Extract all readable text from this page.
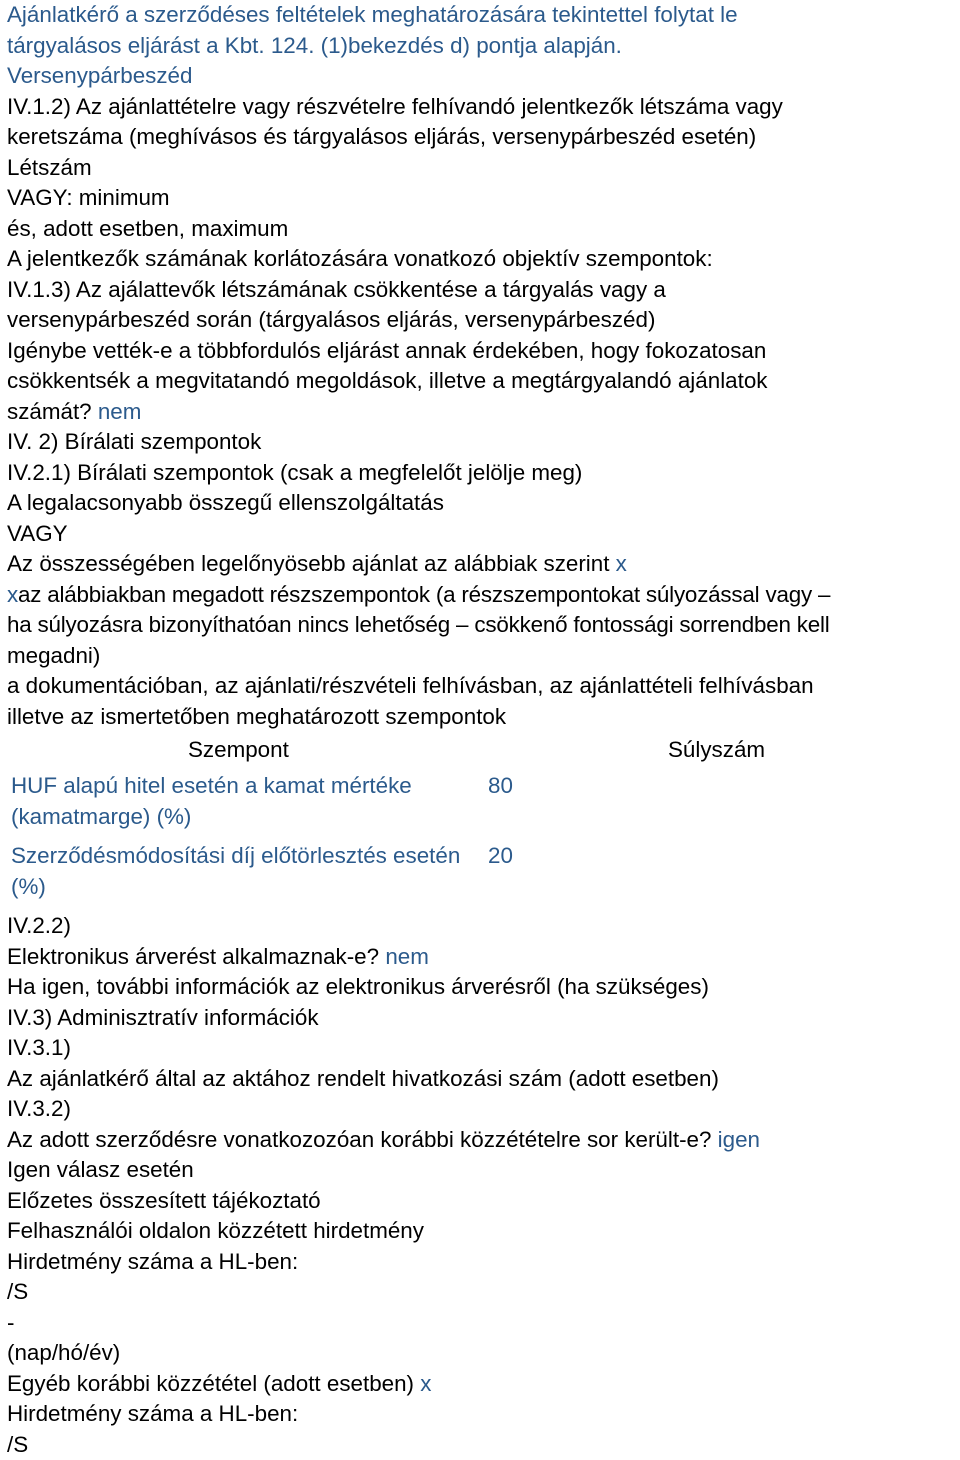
Ajánlatkérő a szerződéses feltételek meghatározására tekintettel folytat le
tárgyalásos eljárást a Kbt. 124. (1)bekezdés d) pontja alapján.
Versenypárbeszéd
IV.1.2) Az ajánlattételre vagy részvételre felhívandó jelentkezők létszáma vagy
keretszáma (meghívásos és tárgyalásos eljárás, versenypárbeszéd esetén)
Létszám
VAGY: minimum
és, adott esetben, maximum
A jelentkezők számának korlátozására vonatkozó objektív szempontok:
IV.1.3) Az ajálattevők létszámának csökkentése a tárgyalás vagy a
versenypárbeszéd során (tárgyalásos eljárás, versenypárbeszéd)
Igénybe vették-e a többfordulós eljárást annak érdekében, hogy fokozatosan
csökkentsék a megvitatandó megoldások, illetve a megtárgyalandó ajánlatok
számát? nem
IV. 2) Bírálati szempontok
IV.2.1) Bírálati szempontok (csak a megfelelőt jelölje meg)
A legalacsonyabb összegű ellenszolgáltatás
VAGY
Az összességében legelőnyösebb ajánlat az alábbiak szerint x
xaz alábbiakban megadott részszempontok (a részszempontokat súlyozással vagy –
ha súlyozásra bizonyíthatóan nincs lehetőség – csökkenő fontossági sorrendben kell
megadni)
a dokumentációban, az ajánlati/részvételi felhívásban, az ajánlattételi felhívásban
illetve az ismertetőben meghatározott szempontok
Szempont	Súlyszám
HUF alapú hitel esetén a kamat mértéke (kamatmarge) (%)
80
Szerződésmódosítási díj előtörlesztés esetén (%)
20
IV.2.2)
Elektronikus árverést alkalmaznak-e? nem
Ha igen, további információk az elektronikus árverésről (ha szükséges)
IV.3) Adminisztratív információk
IV.3.1)
Az ajánlatkérő által az aktához rendelt hivatkozási szám (adott esetben)
IV.3.2)
Az adott szerződésre vonatkozozóan korábbi közzétételre sor került-e? igen
Igen válasz esetén
Előzetes összesített tájékoztató
Felhasználói oldalon közzétett hirdetmény
Hirdetmény száma a HL-ben:
/S
-
(nap/hó/év)
Egyéb korábbi közzététel (adott esetben) x
Hirdetmény száma a HL-ben:
/S
